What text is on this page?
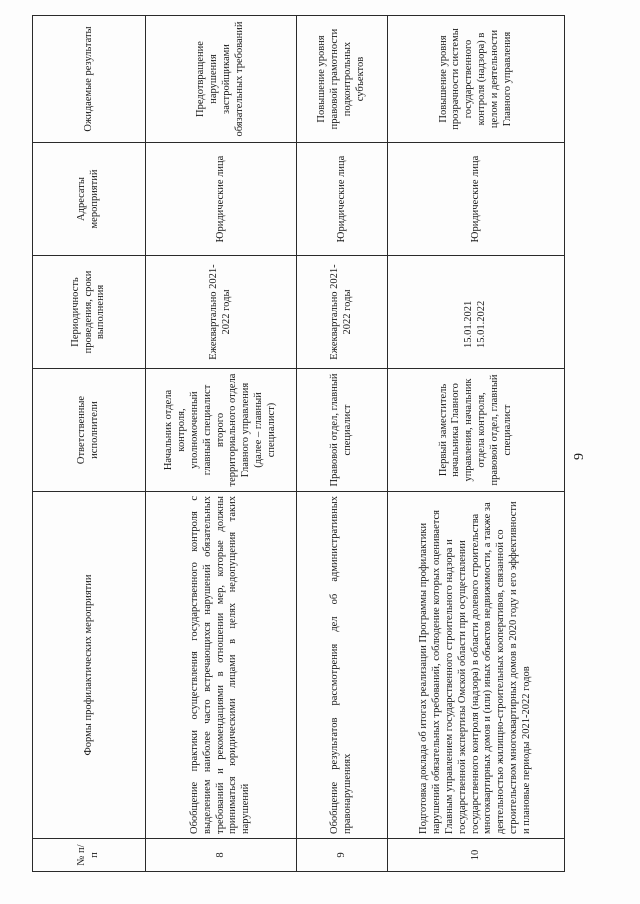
9
№ п/п	Формы профилактических мероприятии	Ответственные исполнители	Периодичность проведения, сроки выполнения	Адресаты мероприятий	Ожидаемые результаты
8	Обобщение практики осуществления государственного контроля с выделением наиболее часто встречающихся нарушений обязательных требований и рекомендациями в отношении мер, которые должны приниматься юридическими лицами в целях недопущения таких нарушений	Начальник отдела контроля, уполномоченный главный специалист второго территориального отдела Главного управления (далее – главный специалист)	Ежеквартально 2021-2022 годы	Юридические лица	Предотвращение нарушения застройщиками обязательных требований
9	Обобщение результатов рассмотрения дел об административных правонарушениях	Правовой отдел, главный специалист	Ежеквартально 2021-2022 годы	Юридические лица	Повышение уровня правовой грамотности подконтрольных субъектов
10	Подготовка доклада об итогах реализации Программы профилактики нарушений обязательных требований, соблюдение которых оценивается Главным управлением государственного строительного надзора и государственной экспертизы Омской области при осуществлении государственного контроля (надзора) в области долевого строительства многоквартирных домов и (или) иных объектов недвижимости, а также за деятельностью жилищно-строительных кооперативов, связанной со строительством многоквартирных домов в 2020 году и его эффективности и плановые периоды 2021-2022 годов	Первый заместитель начальника Главного управления, начальник отдела контроля, правовой отдел, главный специалист	15.01.2021 15.01.2022	Юридические лица	Повышение уровня прозрачности системы государственного контроля (надзора) в целом и деятельности Главного управления
